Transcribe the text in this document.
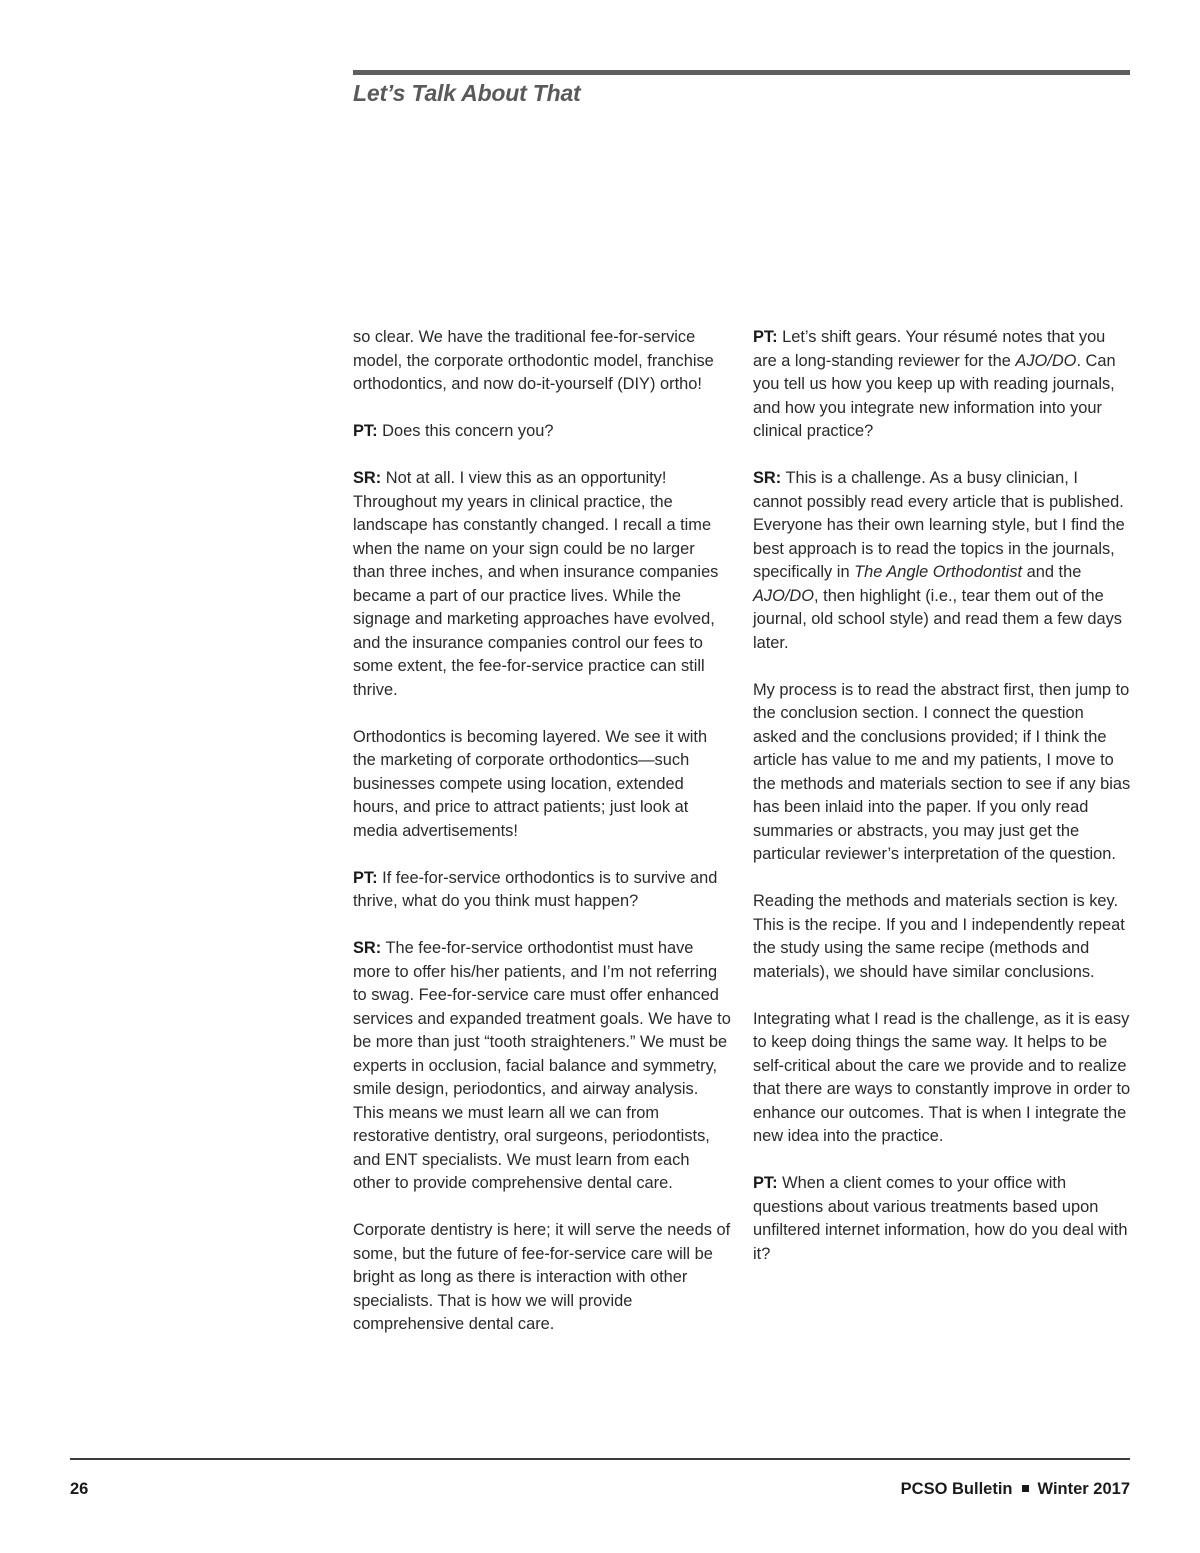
Let’s Talk About That

so clear. We have the traditional fee-for-service model, the corporate orthodontic model, franchise orthodontics, and now do-it-yourself (DIY) ortho!

PT: Does this concern you?

SR: Not at all. I view this as an opportunity! Throughout my years in clinical practice, the landscape has constantly changed. I recall a time when the name on your sign could be no larger than three inches, and when insurance companies became a part of our practice lives. While the signage and marketing approaches have evolved, and the insurance companies control our fees to some extent, the fee-for-service practice can still thrive.

Orthodontics is becoming layered. We see it with the marketing of corporate orthodontics—such businesses compete using location, extended hours, and price to attract patients; just look at media advertisements!

PT: If fee-for-service orthodontics is to survive and thrive, what do you think must happen?

SR: The fee-for-service orthodontist must have more to offer his/her patients, and I’m not referring to swag. Fee-for-service care must offer enhanced services and expanded treatment goals. We have to be more than just “tooth straighteners.” We must be experts in occlusion, facial balance and symmetry, smile design, periodontics, and airway analysis. This means we must learn all we can from restorative dentistry, oral surgeons, periodontists, and ENT specialists. We must learn from each other to provide comprehensive dental care.

Corporate dentistry is here; it will serve the needs of some, but the future of fee-for-service care will be bright as long as there is interaction with other specialists. That is how we will provide comprehensive dental care.

PT: Let’s shift gears. Your résumé notes that you are a long-standing reviewer for the AJO/DO. Can you tell us how you keep up with reading journals, and how you integrate new information into your clinical practice?

SR: This is a challenge. As a busy clinician, I cannot possibly read every article that is published. Everyone has their own learning style, but I find the best approach is to read the topics in the journals, specifically in The Angle Orthodontist and the AJO/DO, then highlight (i.e., tear them out of the journal, old school style) and read them a few days later.

My process is to read the abstract first, then jump to the conclusion section. I connect the question asked and the conclusions provided; if I think the article has value to me and my patients, I move to the methods and materials section to see if any bias has been inlaid into the paper. If you only read summaries or abstracts, you may just get the particular reviewer’s interpretation of the question.

Reading the methods and materials section is key. This is the recipe. If you and I independently repeat the study using the same recipe (methods and materials), we should have similar conclusions.

Integrating what I read is the challenge, as it is easy to keep doing things the same way. It helps to be self-critical about the care we provide and to realize that there are ways to constantly improve in order to enhance our outcomes. That is when I integrate the new idea into the practice.

PT: When a client comes to your office with questions about various treatments based upon unfiltered internet information, how do you deal with it?

26	PCSO Bulletin Winter 2017
